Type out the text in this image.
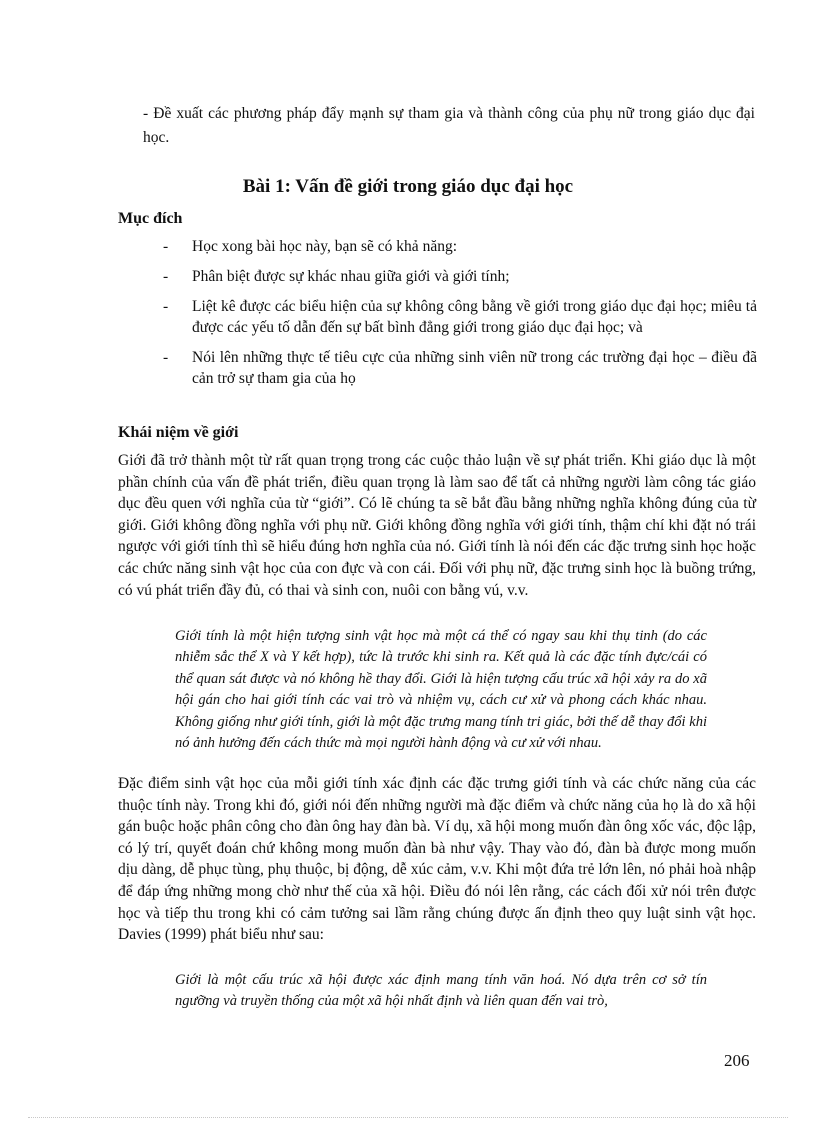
- Đề xuất các phương pháp đẩy mạnh sự tham gia và thành công của phụ nữ trong giáo dục đại học.

Bài 1: Vấn đề giới trong giáo dục đại học
Mục đích
- Học xong bài học này, bạn sẽ có khả năng:
- Phân biệt được sự khác nhau giữa giới và giới tính;
- Liệt kê được các biểu hiện của sự không công bằng về giới trong giáo dục đại học; miêu tả được các yếu tố dẫn đến sự bất bình đẳng giới trong giáo dục đại học; và
- Nói lên những thực tế tiêu cực của những sinh viên nữ trong các trường đại học – điều đã cản trở sự tham gia của họ
Khái niệm về giới

Giới đã trở thành một từ rất quan trọng trong các cuộc thảo luận về sự phát triển. Khi giáo dục là một phần chính của vấn đề phát triển, điều quan trọng là làm sao để tất cả những người làm công tác giáo dục đều quen với nghĩa của từ “giới”. Có lẽ chúng ta sẽ bắt đầu bằng những nghĩa không đúng của từ giới. Giới không đồng nghĩa với phụ nữ. Giới không đồng nghĩa với giới tính, thậm chí khi đặt nó trái ngược với giới tính thì sẽ hiểu đúng hơn nghĩa của nó. Giới tính là nói đến các đặc trưng sinh học hoặc các chức năng sinh vật học của con đực và con cái. Đối với phụ nữ, đặc trưng sinh học là buồng trứng, có vú phát triển đầy đủ, có thai và sinh con, nuôi con bằng vú, v.v.

Giới tính là một hiện tượng sinh vật học mà một cá thể có ngay sau khi thụ tinh (do các nhiễm sắc thể X và Y kết hợp), tức là trước khi sinh ra. Kết quả là các đặc tính đực/cái có thể quan sát được và nó không hề thay đổi. Giới là hiện tượng cấu trúc xã hội xảy ra do xã hội gán cho hai giới tính các vai trò và nhiệm vụ, cách cư xử và phong cách khác nhau. Không giống như giới tính, giới là một đặc trưng mang tính tri giác, bởi thế dễ thay đổi khi nó ảnh hưởng đến cách thức mà mọi người hành động và cư xử với nhau.

Đặc điểm sinh vật học của mỗi giới tính xác định các đặc trưng giới tính và các chức năng của các thuộc tính này. Trong khi đó, giới nói đến những người mà đặc điểm và chức năng của họ là do xã hội gán buộc hoặc phân công cho đàn ông hay đàn bà. Ví dụ, xã hội mong muốn đàn ông xốc vác, độc lập, có lý trí, quyết đoán chứ không mong muốn đàn bà như vậy. Thay vào đó, đàn bà được mong muốn dịu dàng, dễ phục tùng, phụ thuộc, bị động, dễ xúc cảm, v.v. Khi một đứa trẻ lớn lên, nó phải hoà nhập để đáp ứng những mong chờ như thế của xã hội. Điều đó nói lên rằng, các cách đối xử nói trên được học và tiếp thu trong khi có cảm tưởng sai lầm rằng chúng được ấn định theo quy luật sinh vật học. Davies (1999) phát biểu như sau:

Giới là một cấu trúc xã hội được xác định mang tính văn hoá. Nó dựa trên cơ sở tín ngưỡng và truyền thống của một xã hội nhất định và liên quan đến vai trò,

206
